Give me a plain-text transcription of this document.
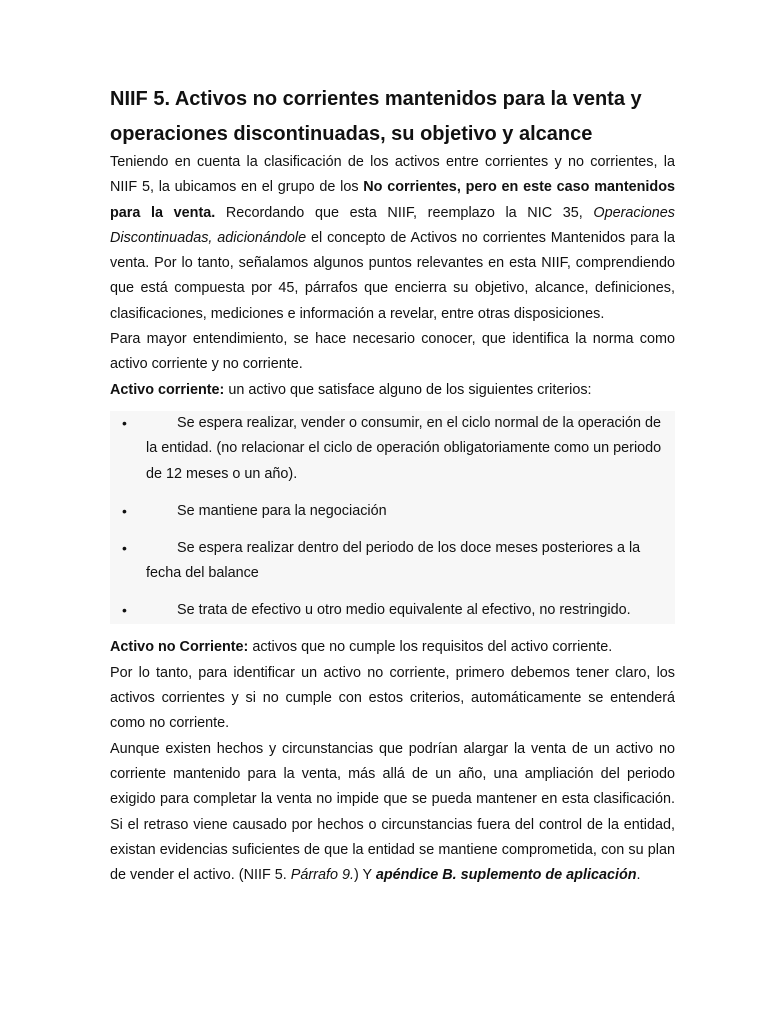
NIIF 5. Activos no corrientes mantenidos para la venta y operaciones discontinuadas, su objetivo y alcance

Teniendo en cuenta la clasificación de los activos entre corrientes y no corrientes, la NIIF 5, la ubicamos en el grupo de los No corrientes, pero en este caso mantenidos para la venta. Recordando que esta NIIF, reemplazo la NIC 35, Operaciones Discontinuadas, adicionándole el concepto de Activos no corrientes Mantenidos para la venta. Por lo tanto, señalamos algunos puntos relevantes en esta NIIF, comprendiendo que está compuesta por 45, párrafos que encierra su objetivo, alcance, definiciones, clasificaciones, mediciones e información a revelar, entre otras disposiciones.

Para mayor entendimiento, se hace necesario conocer, que identifica la norma como activo corriente y no corriente.

Activo corriente: un activo que satisface alguno de los siguientes criterios:

•	Se espera realizar, vender o consumir, en el ciclo normal de la operación de la entidad. (no relacionar el ciclo de operación obligatoriamente como un periodo de 12 meses o un año).
•	Se mantiene para la negociación
•	Se espera realizar dentro del periodo de los doce meses posteriores a la fecha del balance
•	Se trata de efectivo u otro medio equivalente al efectivo, no restringido.

Activo no Corriente: activos que no cumple los requisitos del activo corriente.

Por lo tanto, para identificar un activo no corriente, primero debemos tener claro, los activos corrientes y si no cumple con estos criterios, automáticamente se entenderá como no corriente.

Aunque existen hechos y circunstancias que podrían alargar la venta de un activo no corriente mantenido para la venta, más allá de un año, una ampliación del periodo exigido para completar la venta no impide que se pueda mantener en esta clasificación. Si el retraso viene causado por hechos o circunstancias fuera del control de la entidad, existan evidencias suficientes de que la entidad se mantiene comprometida, con su plan de vender el activo. (NIIF 5. Párrafo 9.) Y apéndice B. suplemento de aplicación.
